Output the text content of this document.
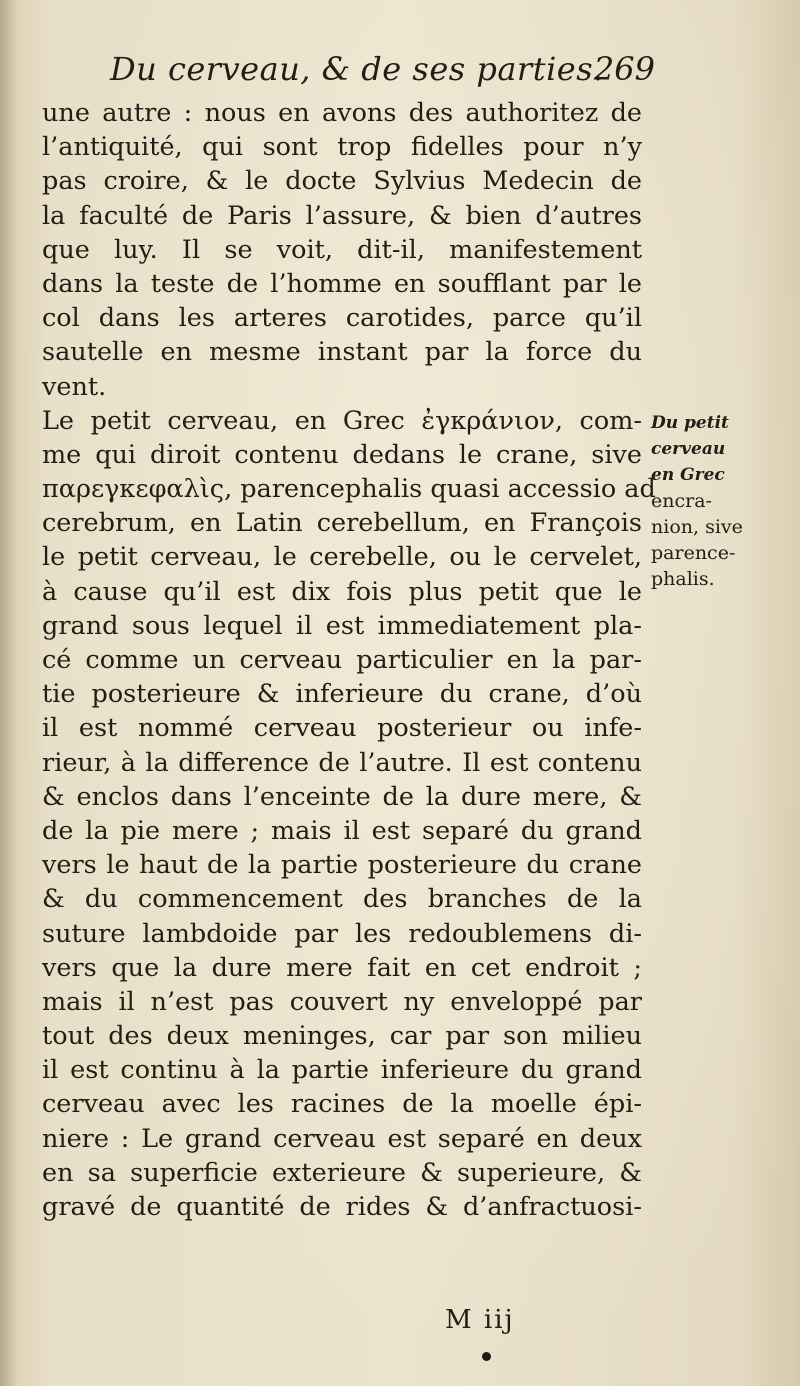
Du cerveau, & de ses parties.
269
une autre : nous en avons des authoritez de
l’antiquité, qui sont trop fidelles pour n’y
pas croire, & le docte Sylvius Medecin de
la faculté de Paris l’assure, & bien d’autres
que luy. Il se voit, dit-il, manifestement
dans la teste de l’homme en soufflant par le
col dans les arteres carotides, parce qu’il
sautelle en mesme instant par la force du
vent.
Le petit cerveau, en Grec ἐγκράνιον, com-
me qui diroit contenu dedans le crane, sive
παρεγκεφαλὶς, parencephalis quasi accessio ad
cerebrum, en Latin cerebellum, en François
le petit cerveau, le cerebelle, ou le cervelet,
à cause qu’il est dix fois plus petit que le
grand sous lequel il est immediatement pla-
cé comme un cerveau particulier en la par-
tie posterieure & inferieure du crane, d’où
il est nommé cerveau posterieur ou infe-
rieur, à la difference de l’autre. Il est contenu
& enclos dans l’enceinte de la dure mere, &
de la pie mere ; mais il est separé du grand
vers le haut de la partie posterieure du crane
& du commencement des branches de la
suture lambdoide par les redoublemens di-
vers que la dure mere fait en cet endroit ;
mais il n’est pas couvert ny enveloppé par
tout des deux meninges, car par son milieu
il est continu à la partie inferieure du grand
cerveau avec les racines de la moelle épi-
niere : Le grand cerveau est separé en deux
en sa superficie exterieure & superieure, &
gravé de quantité de rides & d’anfractuosi-
Du petit
cerveau
en Grec
encra-
nion, sive
parence-
phalis.
M iij
